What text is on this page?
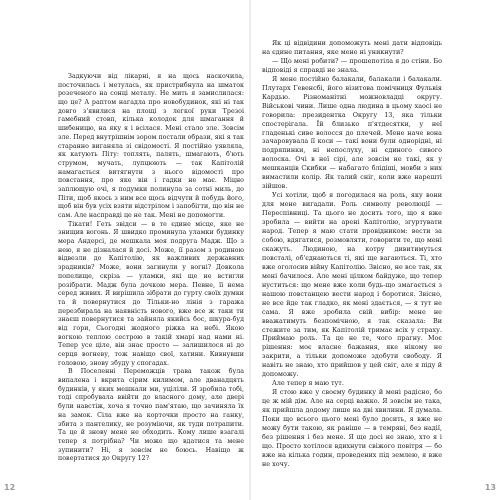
Задкуючи від лікарні, я на щось наскочила, посточилась і метулась, як пристрибнула на шматок розеченого на сонці металу. Не мить я замислилася: що це? А раптом нагадла про новобудинок, які ні так довго з'явилися на площі з легкої руки Трезоі гамебний стовп, кілька колодок для шмагання й шибеницю, на яку я і всілася. Мені стало зле. Зовсім зле. Перед внутрішнім зором постали образи, які я так старанно виганяла зі свідомості. Я постійно уявляла, як катують Піту: топлять, палять, шмагають, б'ють струмом, мучать, лупцюють — так Капітолій намагається витягнути з нього відомості про повстання, про яке він і гадки не має. Міцно заплющую очі, я подумки полинула за сотні миль, до Піти, щоб якось з ним все щось відчути й побудь його, щоб він був усіх взяти відстрілом і запобігти, що він не сам. Але насправді це не так. Мені не допомогти.

Тікати! Геть звідси — в те єдине місце, яке не знищив вогонь. Я швидко проминула уламки будинку мера Андерсі, де мешкала моя подруга Мадж. Що з нею, я не дізналася й досі. Може, її разом з родиною відвезли до Капітолію, як важливих державних зрадників? Може, вони загинули у вогні? Довкола попелище, скрізь — уламки, які ще не встигли розібрати. Мадж була дочкою мера. Певне, її нема серед живих. Я вирішила зібрати до гурту своїх думки та й повернутися до Тільки-но лінія з гаража перезбирала на наявність нового, вже все ж таки ти знаєш повернутися та зайняла якийсь бос, шкура-буд від гори, Сьогодні жодного ріжка на небі. Якою вогкою теплою сестрою в такій хмарі над нами ні. Тепер усе ціле, він знає просто — залишилося ні до серця вогневу, тож навіщо свої, хатини. Кивнувши головою, знову збуду у спогадах.

В Поселенні Переможців трава також була випалена і вкрита сірим килимом, але дванадцять будинків, у яких мешкали ми, уціліли. Я зробила тобі, тоді спробувала ввійти до власного дому, але двері були навстіж, хоча я точно пам'ятаю, що зачиняла їх на замок. Сіла вже на корточки просто на ганку, збита з пантелику, не розуміючи, як туди потрапити. Та це й знову мене не обходить. Кому лише взагалі тепер я потрібна? Чи може що вдатися та мене зупинити? Ні, я зовсім не боюсь. Навіщо ж повертатися до Округу 12?

12

Як ці відвідини допоможуть мені дати відповідь на єдине питання, яке мене ні уникнути?

— Що мені робити? — прошепотіла я до стіни. Бо відповіді я справді не знала.

Я мене постійно балакали, балакали і балакали. Плутарх Гевенсбі, його візитова помічниця Фульвія Кардью. Різноманітні можновладці округу. Військові чини. Лише одна людина в цьому хаосі не говорила: президентка Округу 13, яка тільки спостерігала. Їй близько п'ятдесятки, у неї гладенькі сиве волосся до плечей. Мене наче вона зачаровувала її коси — такі вони були однорідні, ні подряпинки, ні непослуху, ні єдиного сивого волоска. Очі в неї сірі, але зовсім не такі, як у мешканців Скибки — набагато блідіші, мовби з них вимастили колір. Як талий сніг, коли вже нарешті зійшов.

Усі хотіли, щоб я погодилася на роль, яку вони для мене вигадали. Роль символу революції — Переспівниці. Та цього не досить того, що я вже зробила — вийти на арені Капітолію, згуртувати народ. Тепер я маю стати провідником: вести за собою, вдягатися, розмовляти, говорити те, що мені скажуть. Людиною, на котру дивитимуться повсталі, об'єднаються ті, які ще вагаються. Ті, хто вже оголосив війну Капітолію. Звісно, не все так, як мені бачилося. Але мені цілком байдуже, що тепер нуститься: що мене вже коли будь-що змагається з нашою повстанцею вести народ і боротися. Звісно, не все йде так гладко, як мені здається, — я тут не сама. Я вже зробила свій вибір: мене не вважатимуть безпомічною, я так сказала: Ви стежите за тим, як Капітолій тримає всіх у страху. Приймаю роль. Та це не те, чого прагну. Моє рішення: моє власне бажання, яке нікому не закрити, а тільки допоможе здобути свободу. Я навіть не знаю, хто прийшов у цей світ, але я піду й допоможу.

Але тепер я маю тут.

Я стою вже у своєму будинку й мені радісно, бо це ж мій дім. Але на серці важко. Я зовсім не така, як прийшла додому лише на дві хвилини. Я думала. Поки що всього цього мені було досить, я вже не можу бути такою, як раніше — в темряві, без надії, без рішення і без мене. Я ще досі не знаю, хто я і що. Просто хотілося вдихнути свіжого повітря — бо вже на кілька годин, проведених під землею, я вже не хочу.

13
